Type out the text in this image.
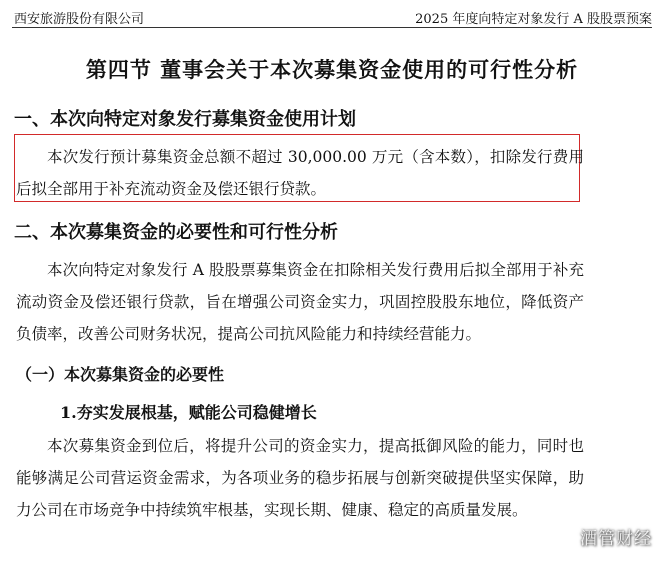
西安旅游股份有限公司	2025 年度向特定对象发行 A 股股票预案
第四节 董事会关于本次募集资金使用的可行性分析
一、本次向特定对象发行募集资金使用计划
本次发行预计募集资金总额不超过 30,000.00 万元（含本数），扣除发行费用后拟全部用于补充流动资金及偿还银行贷款。
二、本次募集资金的必要性和可行性分析
本次向特定对象发行 A 股股票募集资金在扣除相关发行费用后拟全部用于补充流动资金及偿还银行贷款，旨在增强公司资金实力，巩固控股股东地位，降低资产负债率，改善公司财务状况，提高公司抗风险能力和持续经营能力。
（一）本次募集资金的必要性
1.夯实发展根基，赋能公司稳健增长
本次募集资金到位后，将提升公司的资金实力，提高抵御风险的能力，同时也能够满足公司营运资金需求，为各项业务的稳步拓展与创新突破提供坚实保障，助力公司在市场竞争中持续筑牢根基，实现长期、健康、稳定的高质量发展。
酒管财经
